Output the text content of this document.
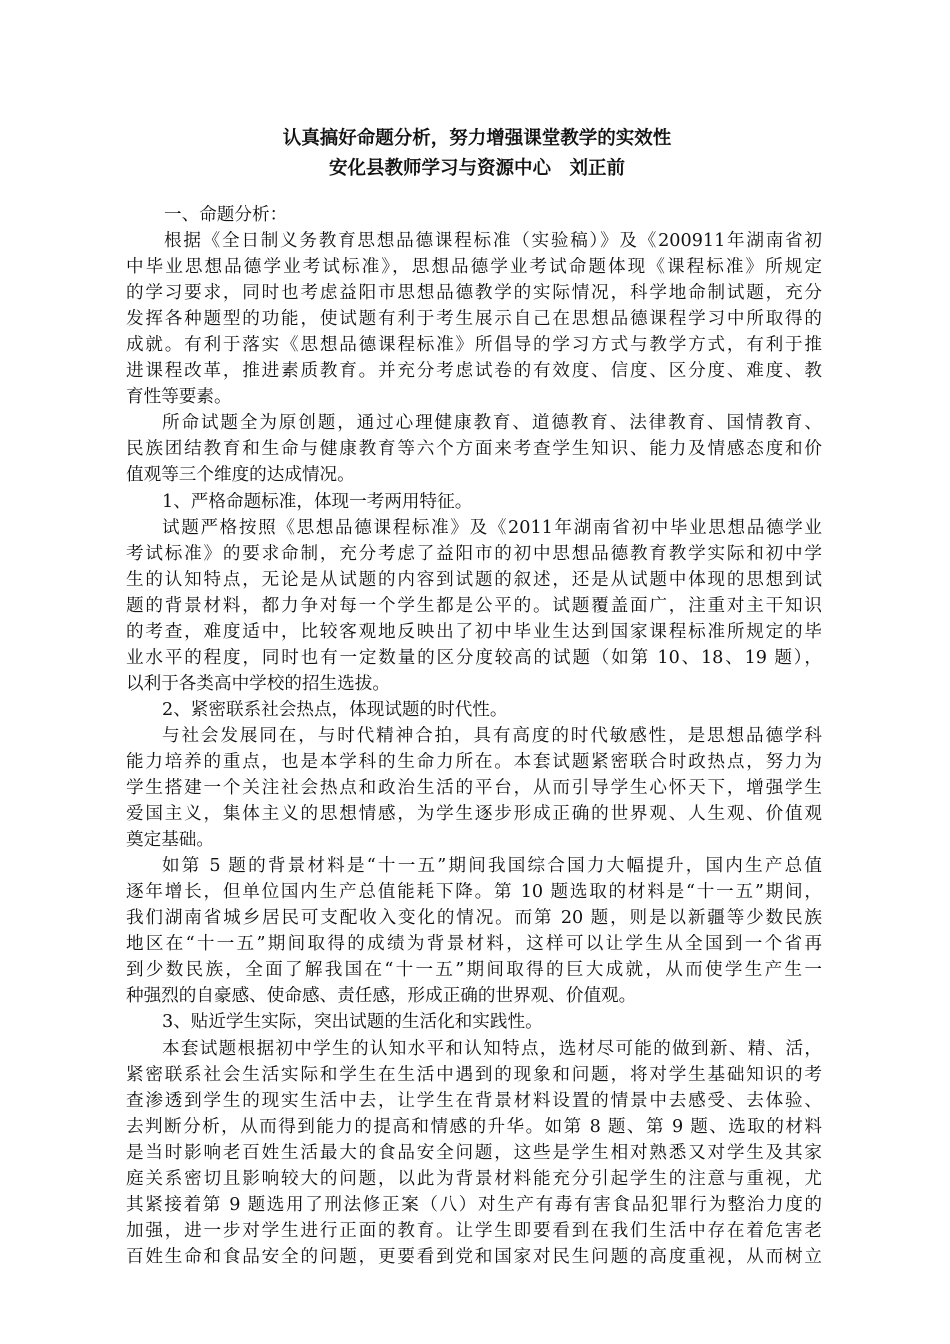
认真搞好命题分析，努力增强课堂教学的实效性
安化县教师学习与资源中心　刘正前
一、命题分析：
根据《全日制义务教育思想品德课程标准（实验稿）》及《200911年湖南省初
中毕业思想品德学业考试标准》，思想品德学业考试命题体现《课程标准》所规定
的学习要求，同时也考虑益阳市思想品德教学的实际情况，科学地命制试题，充分
发挥各种题型的功能，使试题有利于考生展示自己在思想品德课程学习中所取得的
成就。有利于落实《思想品德课程标准》所倡导的学习方式与教学方式，有利于推
进课程改革，推进素质教育。并充分考虑试卷的有效度、信度、区分度、难度、教
育性等要素。
所命试题全为原创题，通过心理健康教育、道德教育、法律教育、国情教育、
民族团结教育和生命与健康教育等六个方面来考查学生知识、能力及情感态度和价
值观等三个维度的达成情况。
1、严格命题标准，体现一考两用特征。
试题严格按照《思想品德课程标准》及《2011年湖南省初中毕业思想品德学业
考试标准》的要求命制，充分考虑了益阳市的初中思想品德教育教学实际和初中学
生的认知特点，无论是从试题的内容到试题的叙述，还是从试题中体现的思想到试
题的背景材料，都力争对每一个学生都是公平的。试题覆盖面广，注重对主干知识
的考查，难度适中，比较客观地反映出了初中毕业生达到国家课程标准所规定的毕
业水平的程度，同时也有一定数量的区分度较高的试题（如第 10、18、19 题），
以利于各类高中学校的招生选拔。
2、紧密联系社会热点，体现试题的时代性。
与社会发展同在，与时代精神合拍，具有高度的时代敏感性，是思想品德学科
能力培养的重点，也是本学科的生命力所在。本套试题紧密联合时政热点，努力为
学生搭建一个关注社会热点和政治生活的平台，从而引导学生心怀天下，增强学生
爱国主义，集体主义的思想情感，为学生逐步形成正确的世界观、人生观、价值观
奠定基础。
如第 5 题的背景材料是“十一五”期间我国综合国力大幅提升，国内生产总值
逐年增长，但单位国内生产总值能耗下降。第 10 题选取的材料是“十一五”期间，
我们湖南省城乡居民可支配收入变化的情况。而第 20 题，则是以新疆等少数民族
地区在“十一五”期间取得的成绩为背景材料，这样可以让学生从全国到一个省再
到少数民族，全面了解我国在“十一五”期间取得的巨大成就，从而使学生产生一
种强烈的自豪感、使命感、责任感，形成正确的世界观、价值观。
3、贴近学生实际，突出试题的生活化和实践性。
本套试题根据初中学生的认知水平和认知特点，选材尽可能的做到新、精、活，
紧密联系社会生活实际和学生在生活中遇到的现象和问题，将对学生基础知识的考
查渗透到学生的现实生活中去，让学生在背景材料设置的情景中去感受、去体验、
去判断分析，从而得到能力的提高和情感的升华。如第 8 题、第 9 题、选取的材料
是当时影响老百姓生活最大的食品安全问题，这些是学生相对熟悉又对学生及其家
庭关系密切且影响较大的问题，以此为背景材料能充分引起学生的注意与重视，尤
其紧接着第 9 题选用了刑法修正案（八）对生产有毒有害食品犯罪行为整治力度的
加强，进一步对学生进行正面的教育。让学生即要看到在我们生活中存在着危害老
百姓生命和食品安全的问题，更要看到党和国家对民生问题的高度重视，从而树立
